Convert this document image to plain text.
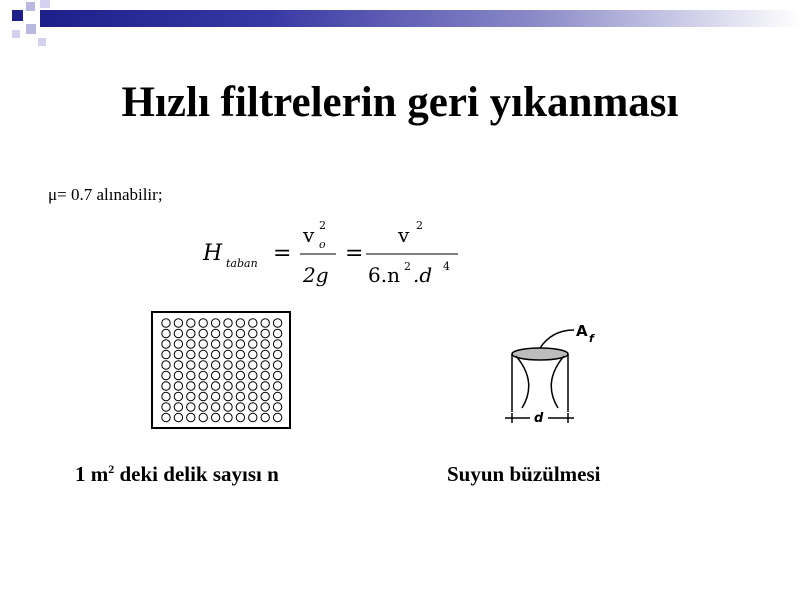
Hızlı filtrelerin geri yıkanması
μ= 0.7 alınabilir;
H taban =
v 2
o
2g
=
v 2
6.n 2 .d 4
A f
d
1 $m^2$ deki delik sayısı n	Suyun büzülmesi
